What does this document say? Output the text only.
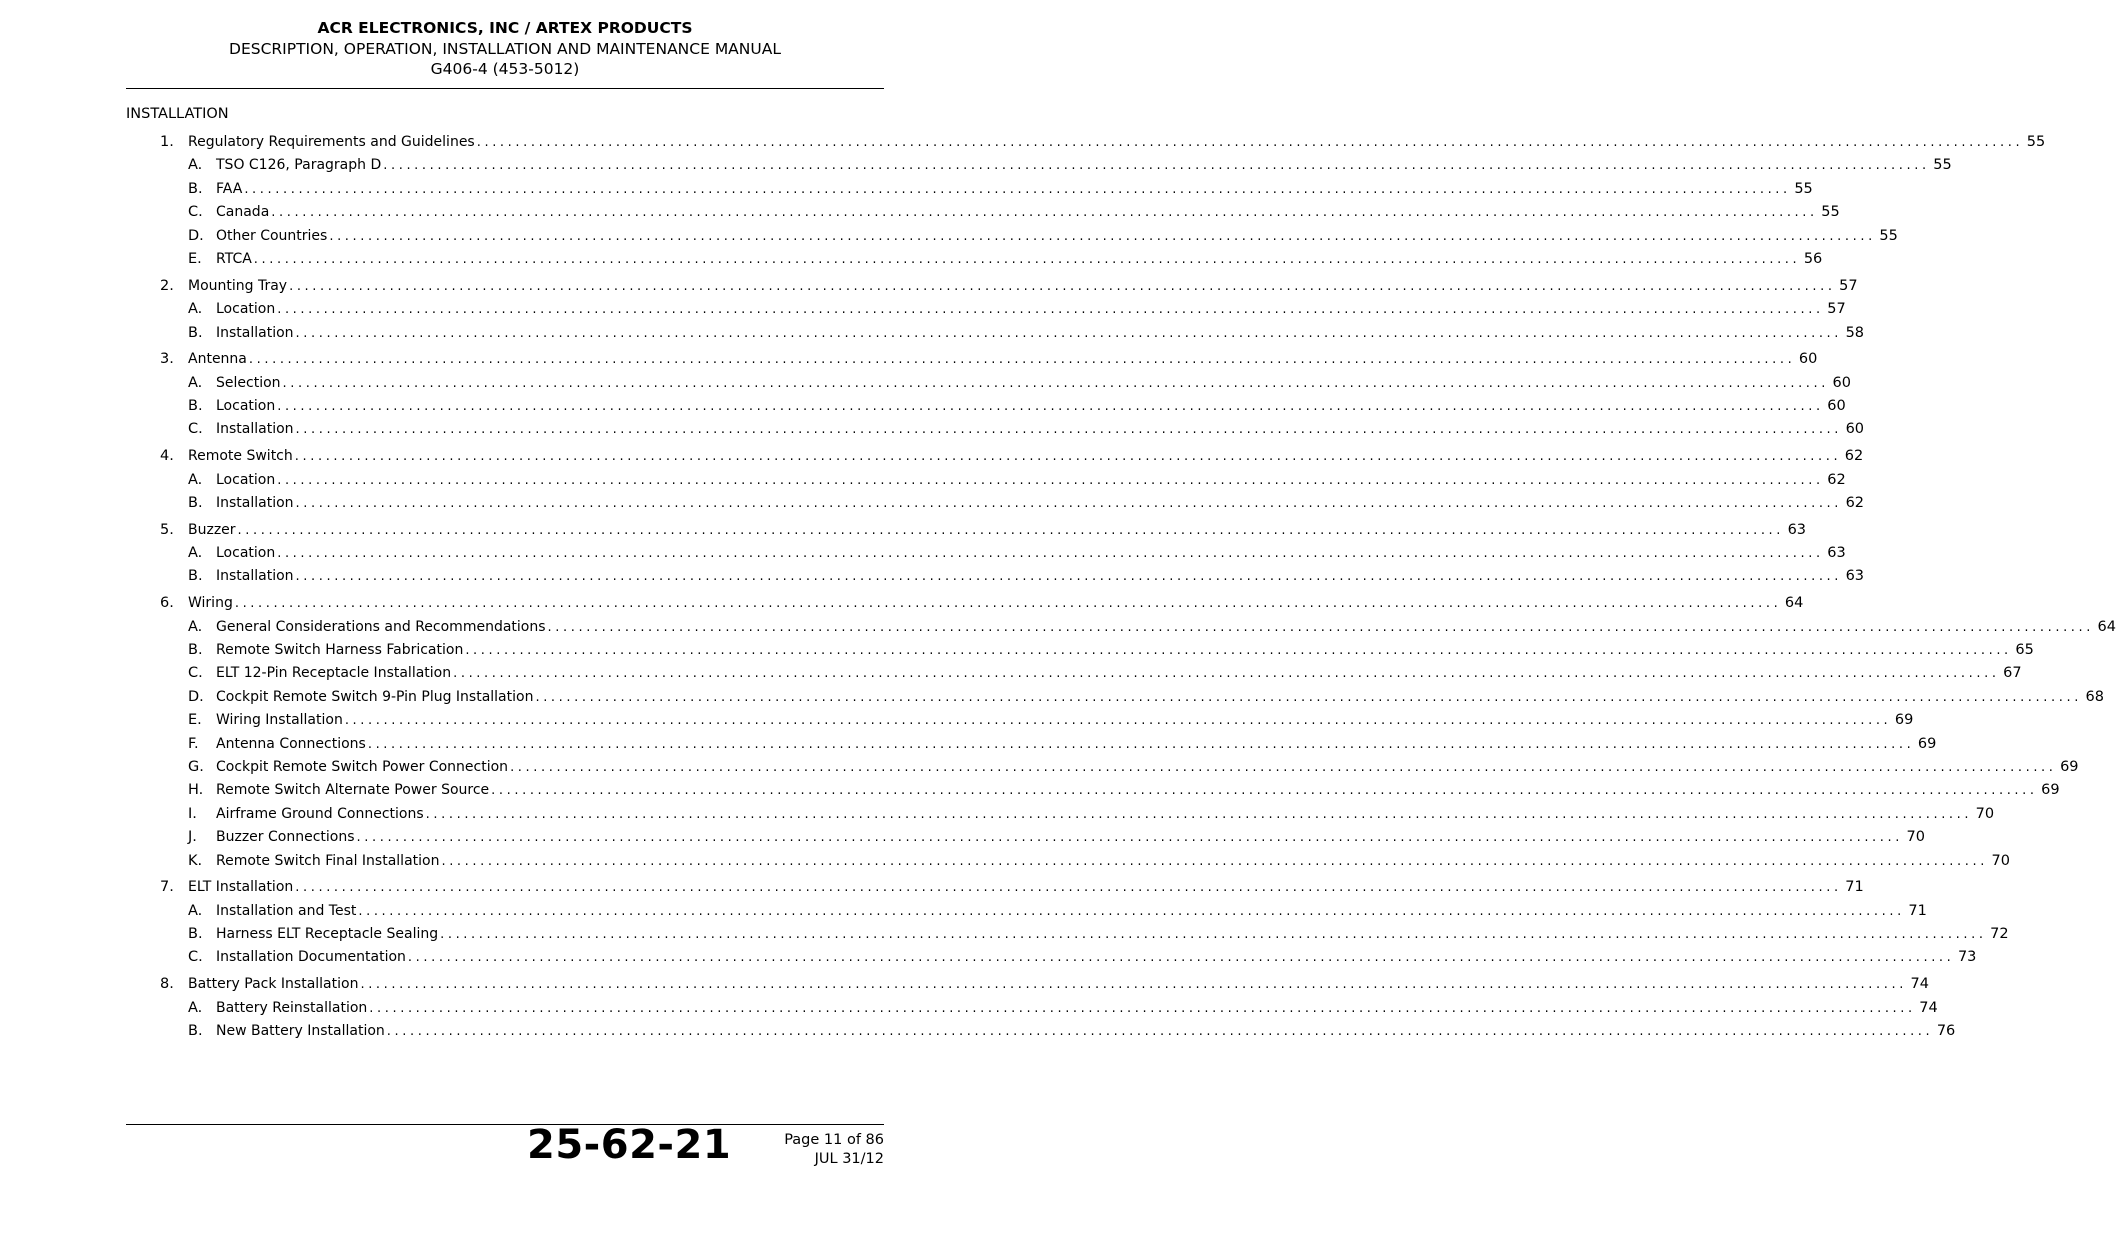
ACR ELECTRONICS, INC / ARTEX PRODUCTS
DESCRIPTION, OPERATION, INSTALLATION AND MAINTENANCE MANUAL
G406-4 (453-5012)
INSTALLATION
1. Regulatory Requirements and Guidelines ........................................................................................................................................................................................................ 55
A. TSO C126, Paragraph D ........................................................................................................................................................................................................ 55
B. FAA ........................................................................................................................................................................................................ 55
C. Canada ........................................................................................................................................................................................................ 55
D. Other Countries ........................................................................................................................................................................................................ 55
E. RTCA ........................................................................................................................................................................................................ 56
2. Mounting Tray ........................................................................................................................................................................................................ 57
A. Location ........................................................................................................................................................................................................ 57
B. Installation ........................................................................................................................................................................................................ 58
3. Antenna ........................................................................................................................................................................................................ 60
A. Selection ........................................................................................................................................................................................................ 60
B. Location ........................................................................................................................................................................................................ 60
C. Installation ........................................................................................................................................................................................................ 60
4. Remote Switch ........................................................................................................................................................................................................ 62
A. Location ........................................................................................................................................................................................................ 62
B. Installation ........................................................................................................................................................................................................ 62
5. Buzzer ........................................................................................................................................................................................................ 63
A. Location ........................................................................................................................................................................................................ 63
B. Installation ........................................................................................................................................................................................................ 63
6. Wiring ........................................................................................................................................................................................................ 64
A. General Considerations and Recommendations ........................................................................................................................................................................................................ 64
B. Remote Switch Harness Fabrication ........................................................................................................................................................................................................ 65
C. ELT 12-Pin Receptacle Installation ........................................................................................................................................................................................................ 67
D. Cockpit Remote Switch 9-Pin Plug Installation ........................................................................................................................................................................................................ 68
E. Wiring Installation ........................................................................................................................................................................................................ 69
F. Antenna Connections ........................................................................................................................................................................................................ 69
G. Cockpit Remote Switch Power Connection ........................................................................................................................................................................................................ 69
H. Remote Switch Alternate Power Source ........................................................................................................................................................................................................ 69
I. Airframe Ground Connections ........................................................................................................................................................................................................ 70
J. Buzzer Connections ........................................................................................................................................................................................................ 70
K. Remote Switch Final Installation ........................................................................................................................................................................................................ 70
7. ELT Installation ........................................................................................................................................................................................................ 71
A. Installation and Test ........................................................................................................................................................................................................ 71
B. Harness ELT Receptacle Sealing ........................................................................................................................................................................................................ 72
C. Installation Documentation ........................................................................................................................................................................................................ 73
8. Battery Pack Installation ........................................................................................................................................................................................................ 74
A. Battery Reinstallation ........................................................................................................................................................................................................ 74
B. New Battery Installation ........................................................................................................................................................................................................ 76
25-62-21	Page 11 of 86
JUL 31/12
